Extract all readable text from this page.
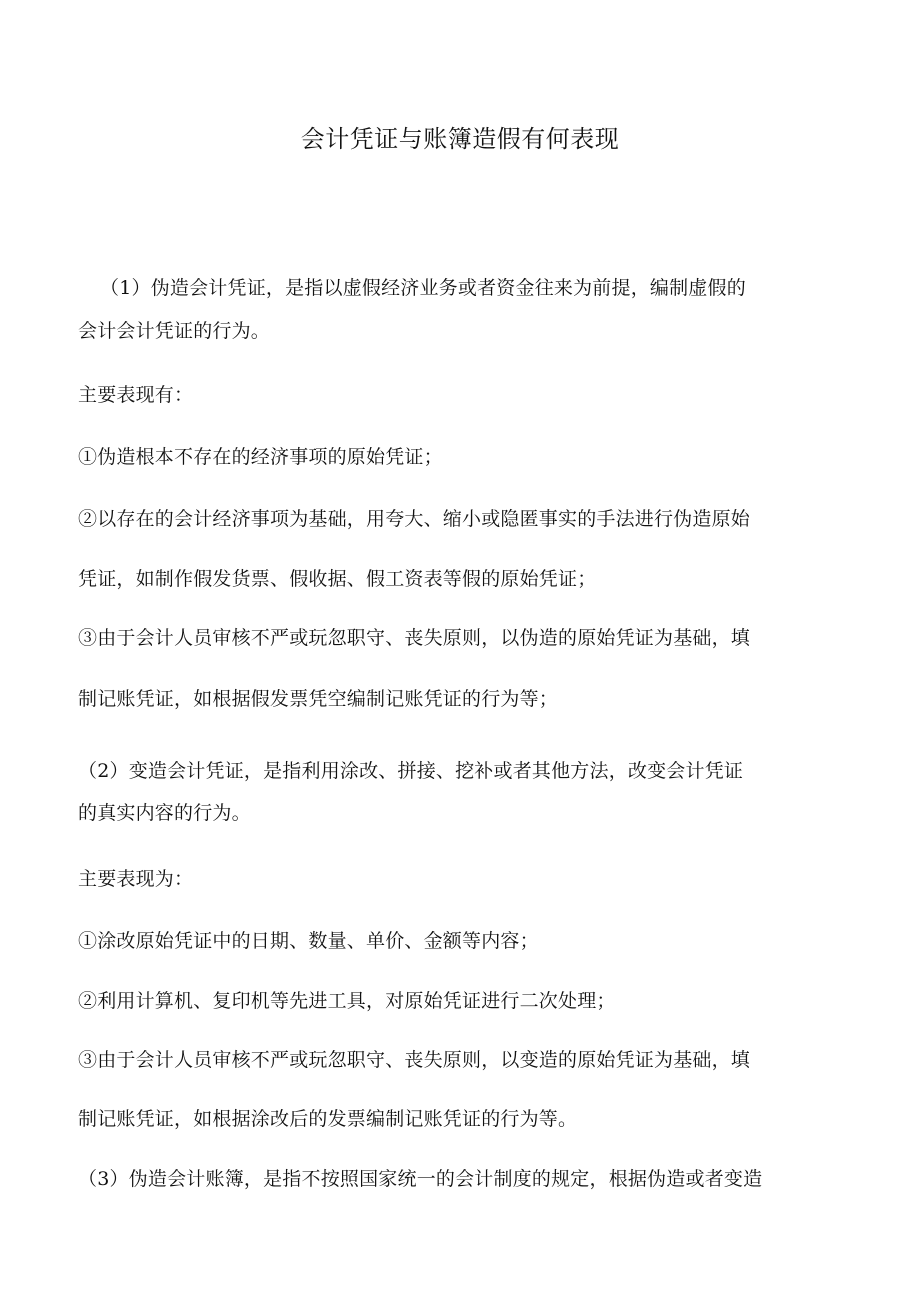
会计凭证与账簿造假有何表现
（1）伪造会计凭证，是指以虚假经济业务或者资金往来为前提，编制虚假的
会计会计凭证的行为。
主要表现有：
①伪造根本不存在的经济事项的原始凭证；
②以存在的会计经济事项为基础，用夸大、缩小或隐匿事实的手法进行伪造原始
凭证，如制作假发货票、假收据、假工资表等假的原始凭证；
③由于会计人员审核不严或玩忽职守、丧失原则，以伪造的原始凭证为基础，填
制记账凭证，如根据假发票凭空编制记账凭证的行为等；
（2）变造会计凭证，是指利用涂改、拼接、挖补或者其他方法，改变会计凭证
的真实内容的行为。
主要表现为：
①涂改原始凭证中的日期、数量、单价、金额等内容；
②利用计算机、复印机等先进工具，对原始凭证进行二次处理；
③由于会计人员审核不严或玩忽职守、丧失原则，以变造的原始凭证为基础，填
制记账凭证，如根据涂改后的发票编制记账凭证的行为等。
（3）伪造会计账簿，是指不按照国家统一的会计制度的规定，根据伪造或者变造
